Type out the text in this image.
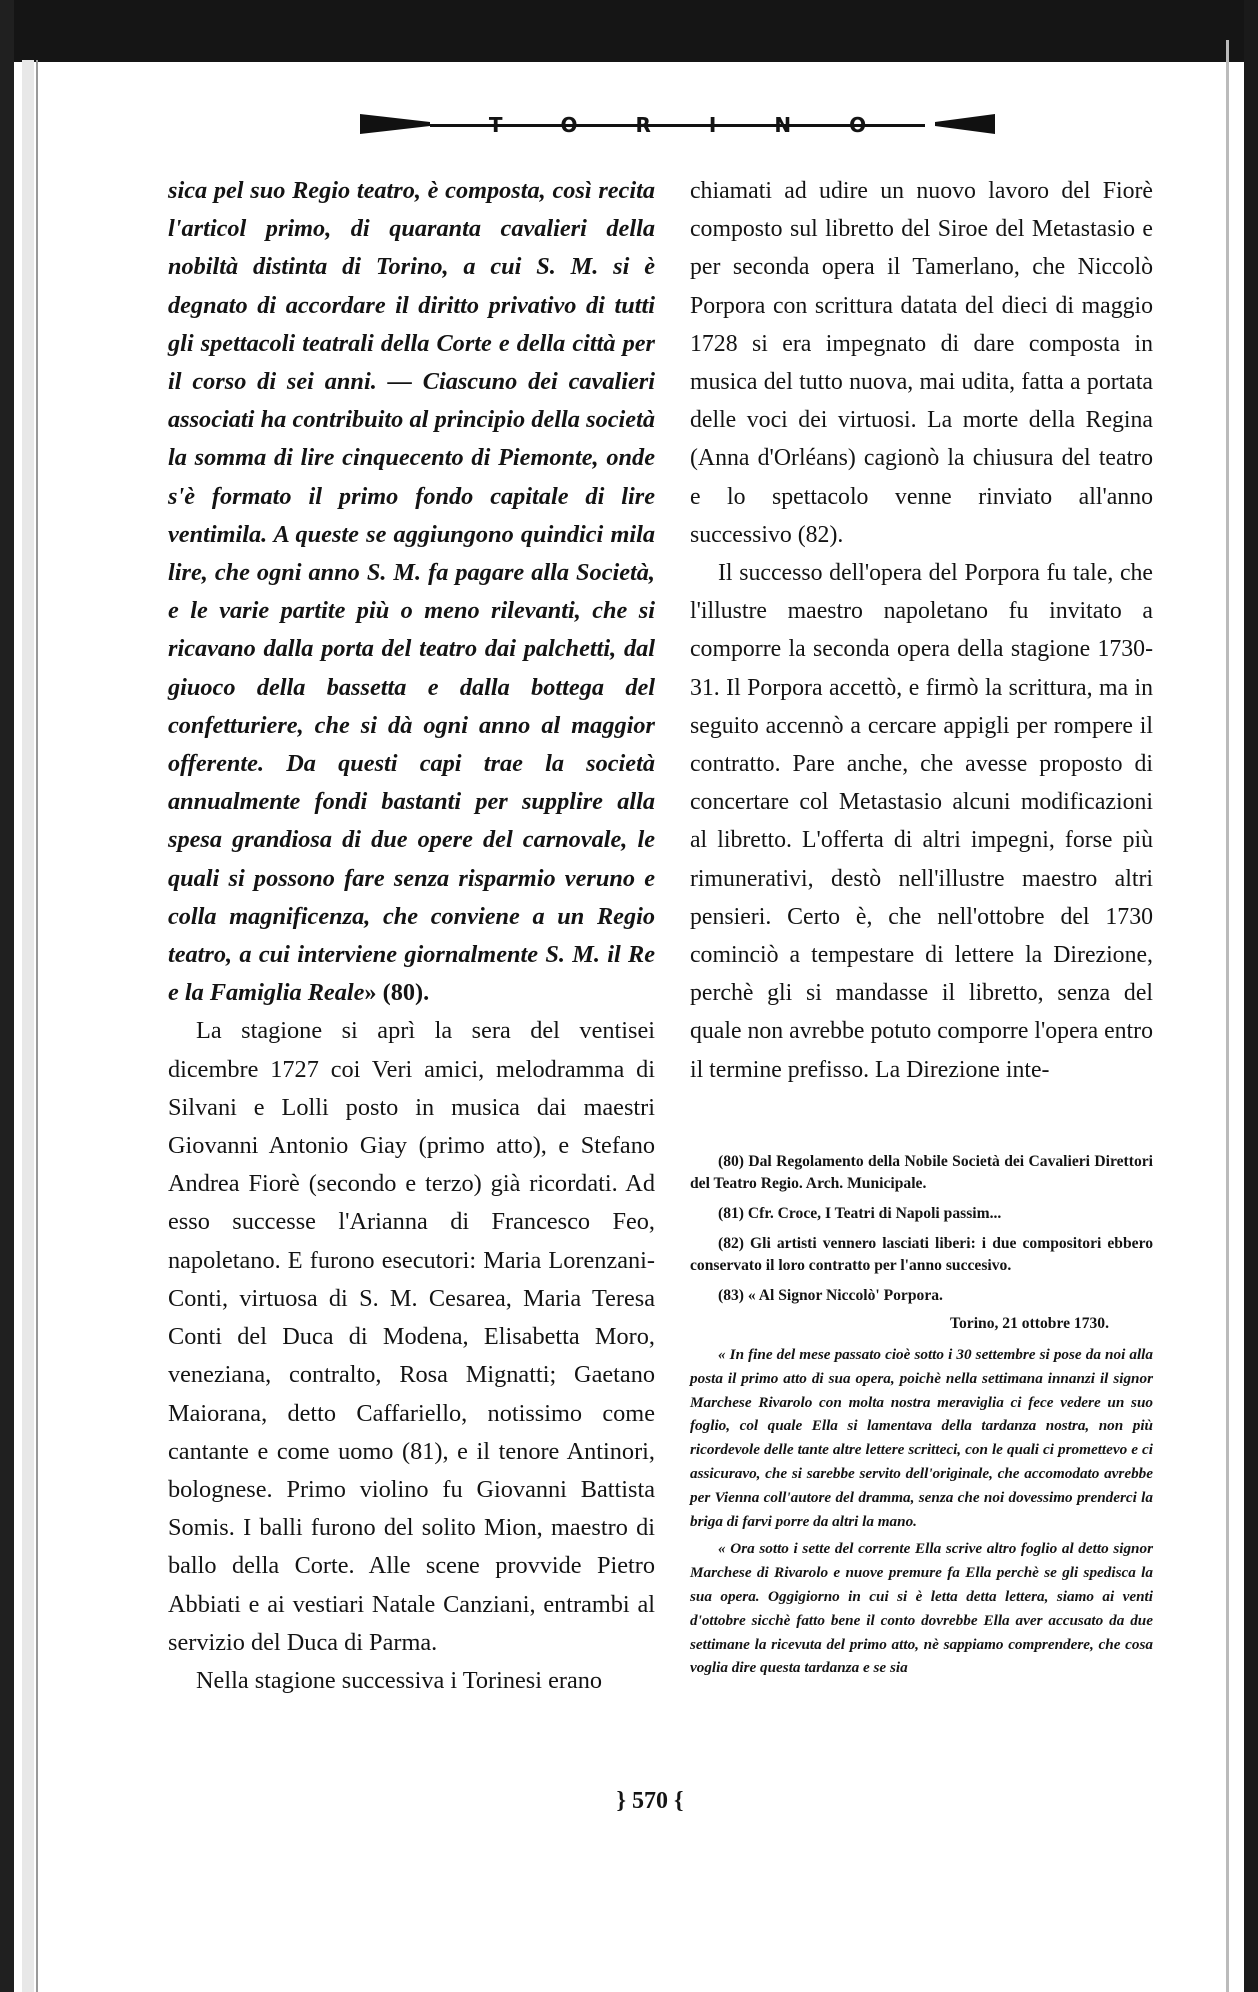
TORINO

sica pel suo Regio teatro, è composta, così recita l'articol primo, di quaranta cavalieri della nobiltà distinta di Torino, a cui S. M. si è degnato di accordare il diritto privativo di tutti gli spettacoli teatrali della Corte e della città per il corso di sei anni. — Ciascuno dei cavalieri associati ha contribuito al principio della società la somma di lire cinquecento di Piemonte, onde s'è formato il primo fondo capitale di lire ventimila. A queste se aggiungono quindici mila lire, che ogni anno S. M. fa pagare alla Società, e le varie partite più o meno rilevanti, che si ricavano dalla porta del teatro dai palchetti, dal giuoco della bassetta e dalla bottega del confetturiere, che si dà ogni anno al maggior offerente. Da questi capi trae la società annualmente fondi bastanti per supplire alla spesa grandiosa di due opere del carnovale, le quali si possono fare senza risparmio veruno e colla magnificenza, che conviene a un Regio teatro, a cui interviene giornalmente S. M. il Re e la Famiglia Reale» (80).

La stagione si aprì la sera del ventisei dicembre 1727 coi Veri amici, melodramma di Silvani e Lolli posto in musica dai maestri Giovanni Antonio Giay (primo atto), e Stefano Andrea Fiorè (secondo e terzo) già ricordati. Ad esso successe l'Arianna di Francesco Feo, napoletano. E furono esecutori: Maria Lorenzani-Conti, virtuosa di S. M. Cesarea, Maria Teresa Conti del Duca di Modena, Elisabetta Moro, veneziana, contralto, Rosa Mignatti; Gaetano Maiorana, detto Caffariello, notissimo come cantante e come uomo (81), e il tenore Antinori, bolognese. Primo violino fu Giovanni Battista Somis. I balli furono del solito Mion, maestro di ballo della Corte. Alle scene provvide Pietro Abbiati e ai vestiari Natale Canziani, entrambi al servizio del Duca di Parma.

Nella stagione successiva i Torinesi erano

chiamati ad udire un nuovo lavoro del Fiorè composto sul libretto del Siroe del Metastasio e per seconda opera il Tamerlano, che Niccolò Porpora con scrittura datata del dieci di maggio 1728 si era impegnato di dare composta in musica del tutto nuova, mai udita, fatta a portata delle voci dei virtuosi. La morte della Regina (Anna d'Orléans) cagionò la chiusura del teatro e lo spettacolo venne rinviato all'anno successivo (82).

Il successo dell'opera del Porpora fu tale, che l'illustre maestro napoletano fu invitato a comporre la seconda opera della stagione 1730-31. Il Porpora accettò, e firmò la scrittura, ma in seguito accennò a cercare appigli per rompere il contratto. Pare anche, che avesse proposto di concertare col Metastasio alcuni modificazioni al libretto. L'offerta di altri impegni, forse più rimunerativi, destò nell'illustre maestro altri pensieri. Certo è, che nell'ottobre del 1730 cominciò a tempestare di lettere la Direzione, perchè gli si mandasse il libretto, senza del quale non avrebbe potuto comporre l'opera entro il termine prefisso. La Direzione inte-

(80) Dal Regolamento della Nobile Società dei Cavalieri Direttori del Teatro Regio. Arch. Municipale.

(81) Cfr. Croce, I Teatri di Napoli passim...

(82) Gli artisti vennero lasciati liberi: i due compositori ebbero conservato il loro contratto per l'anno succesivo.

(83) « Al Signor Niccolò' Porpora.

Torino, 21 ottobre 1730.

« In fine del mese passato cioè sotto i 30 settembre si pose da noi alla posta il primo atto di sua opera, poichè nella settimana innanzi il signor Marchese Rivarolo con molta nostra meraviglia ci fece vedere un suo foglio, col quale Ella si lamentava della tardanza nostra, non più ricordevole delle tante altre lettere scritteci, con le quali ci promettevo e ci assicuravo, che si sarebbe servito dell'originale, che accomodato avrebbe per Vienna coll'autore del dramma, senza che noi dovessimo prenderci la briga di farvi porre da altri la mano.

« Ora sotto i sette del corrente Ella scrive altro foglio al detto signor Marchese di Rivarolo e nuove premure fa Ella perchè se gli spedisca la sua opera. Oggigiorno in cui si è letta detta lettera, siamo ai venti d'ottobre sicchè fatto bene il conto dovrebbe Ella aver accusato da due settimane la ricevuta del primo atto, nè sappiamo comprendere, che cosa voglia dire questa tardanza e se sia

} 570 {
